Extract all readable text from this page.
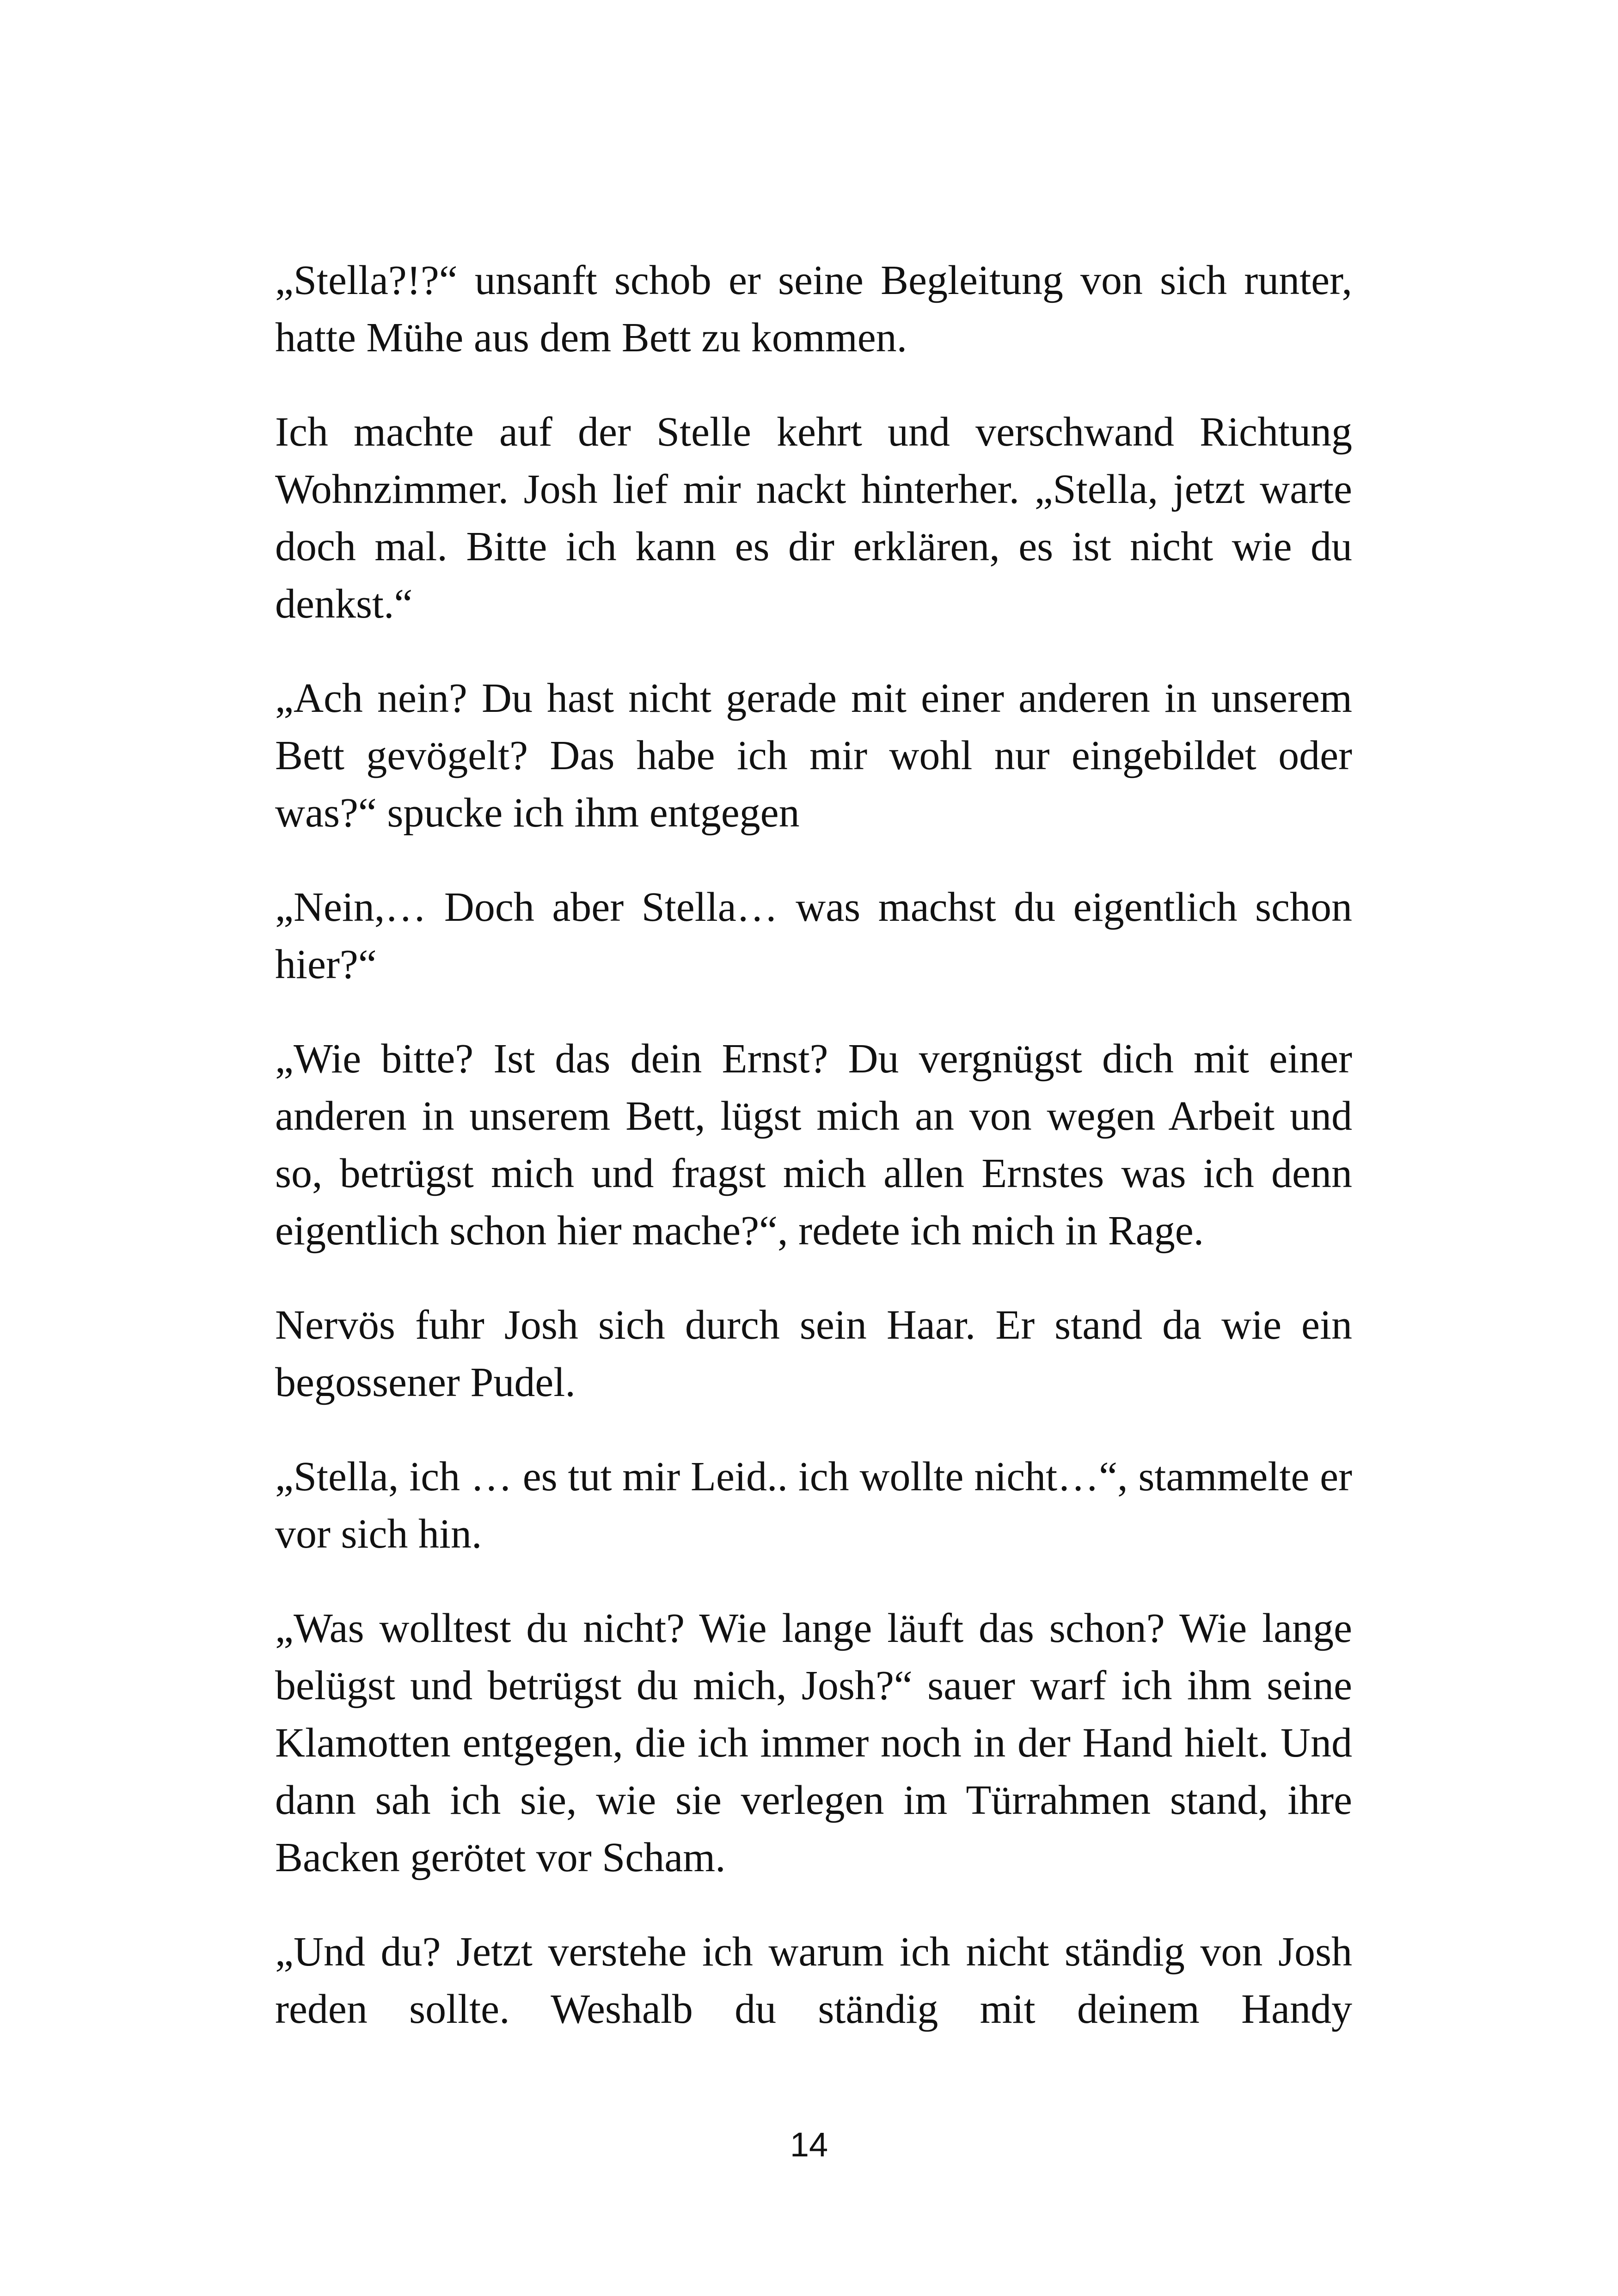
„Stella?!?“ unsanft schob er seine Begleitung von sich runter, hatte Mühe aus dem Bett zu kommen.

Ich machte auf der Stelle kehrt und verschwand Richtung Wohnzimmer. Josh lief mir nackt hinterher. „Stella, jetzt warte doch mal. Bitte ich kann es dir erklären, es ist nicht wie du denkst.“

„Ach nein? Du hast nicht gerade mit einer anderen in unserem Bett gevögelt? Das habe ich mir wohl nur eingebildet oder was?“ spucke ich ihm entgegen

„Nein,… Doch aber Stella… was machst du eigentlich schon hier?“

„Wie bitte? Ist das dein Ernst? Du vergnügst dich mit einer anderen in unserem Bett, lügst mich an von wegen Arbeit und so, betrügst mich und fragst mich allen Ernstes was ich denn eigentlich schon hier mache?“, redete ich mich in Rage.

Nervös fuhr Josh sich durch sein Haar. Er stand da wie ein begossener Pudel.

„Stella, ich … es tut mir Leid.. ich wollte nicht…“, stammelte er vor sich hin.

„Was wolltest du nicht? Wie lange läuft das schon? Wie lange belügst und betrügst du mich, Josh?“ sauer warf ich ihm seine Klamotten entgegen, die ich immer noch in der Hand hielt. Und dann sah ich sie, wie sie verlegen im Türrahmen stand, ihre Backen gerötet vor Scham.

„Und du? Jetzt verstehe ich warum ich nicht ständig von Josh reden sollte. Weshalb du ständig mit deinem Handy

14
